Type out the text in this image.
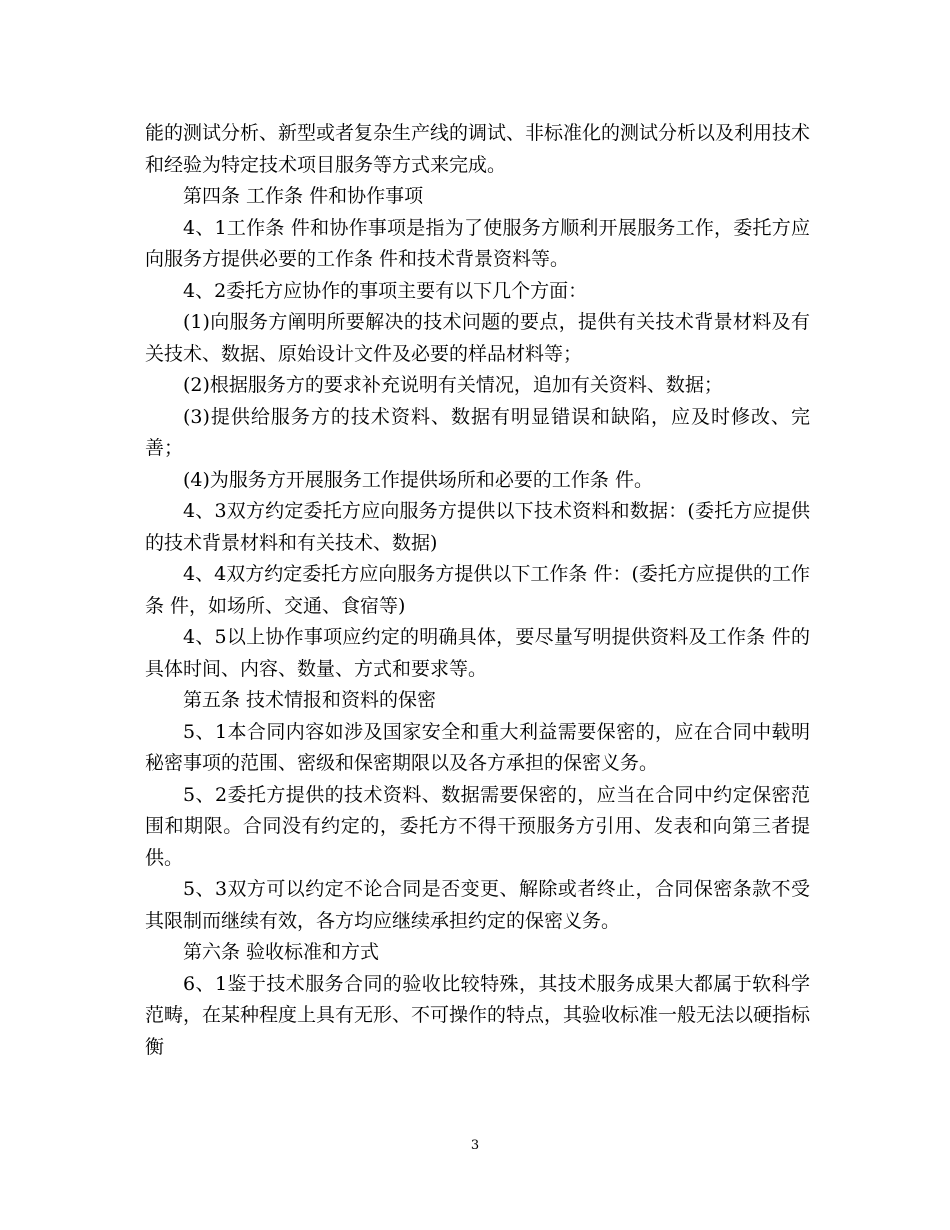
能的测试分析、新型或者复杂生产线的调试、非标准化的测试分析以及利用技术和经验为特定技术项目服务等方式来完成。

第四条 工作条 件和协作事项

4、1工作条 件和协作事项是指为了使服务方顺利开展服务工作，委托方应向服务方提供必要的工作条 件和技术背景资料等。

4、2委托方应协作的事项主要有以下几个方面：

(1)向服务方阐明所要解决的技术问题的要点，提供有关技术背景材料及有关技术、数据、原始设计文件及必要的样品材料等；

(2)根据服务方的要求补充说明有关情况，追加有关资料、数据；

(3)提供给服务方的技术资料、数据有明显错误和缺陷，应及时修改、完善；

(4)为服务方开展服务工作提供场所和必要的工作条 件。

4、3双方约定委托方应向服务方提供以下技术资料和数据：(委托方应提供的技术背景材料和有关技术、数据)

4、4双方约定委托方应向服务方提供以下工作条 件：(委托方应提供的工作条 件，如场所、交通、食宿等)

4、5以上协作事项应约定的明确具体，要尽量写明提供资料及工作条 件的具体时间、内容、数量、方式和要求等。

第五条 技术情报和资料的保密

5、1本合同内容如涉及国家安全和重大利益需要保密的，应在合同中载明秘密事项的范围、密级和保密期限以及各方承担的保密义务。

5、2委托方提供的技术资料、数据需要保密的，应当在合同中约定保密范围和期限。合同没有约定的，委托方不得干预服务方引用、发表和向第三者提供。

5、3双方可以约定不论合同是否变更、解除或者终止，合同保密条款不受其限制而继续有效，各方均应继续承担约定的保密义务。

第六条 验收标准和方式

6、1鉴于技术服务合同的验收比较特殊，其技术服务成果大都属于软科学范畴，在某种程度上具有无形、不可操作的特点，其验收标准一般无法以硬指标衡

3
